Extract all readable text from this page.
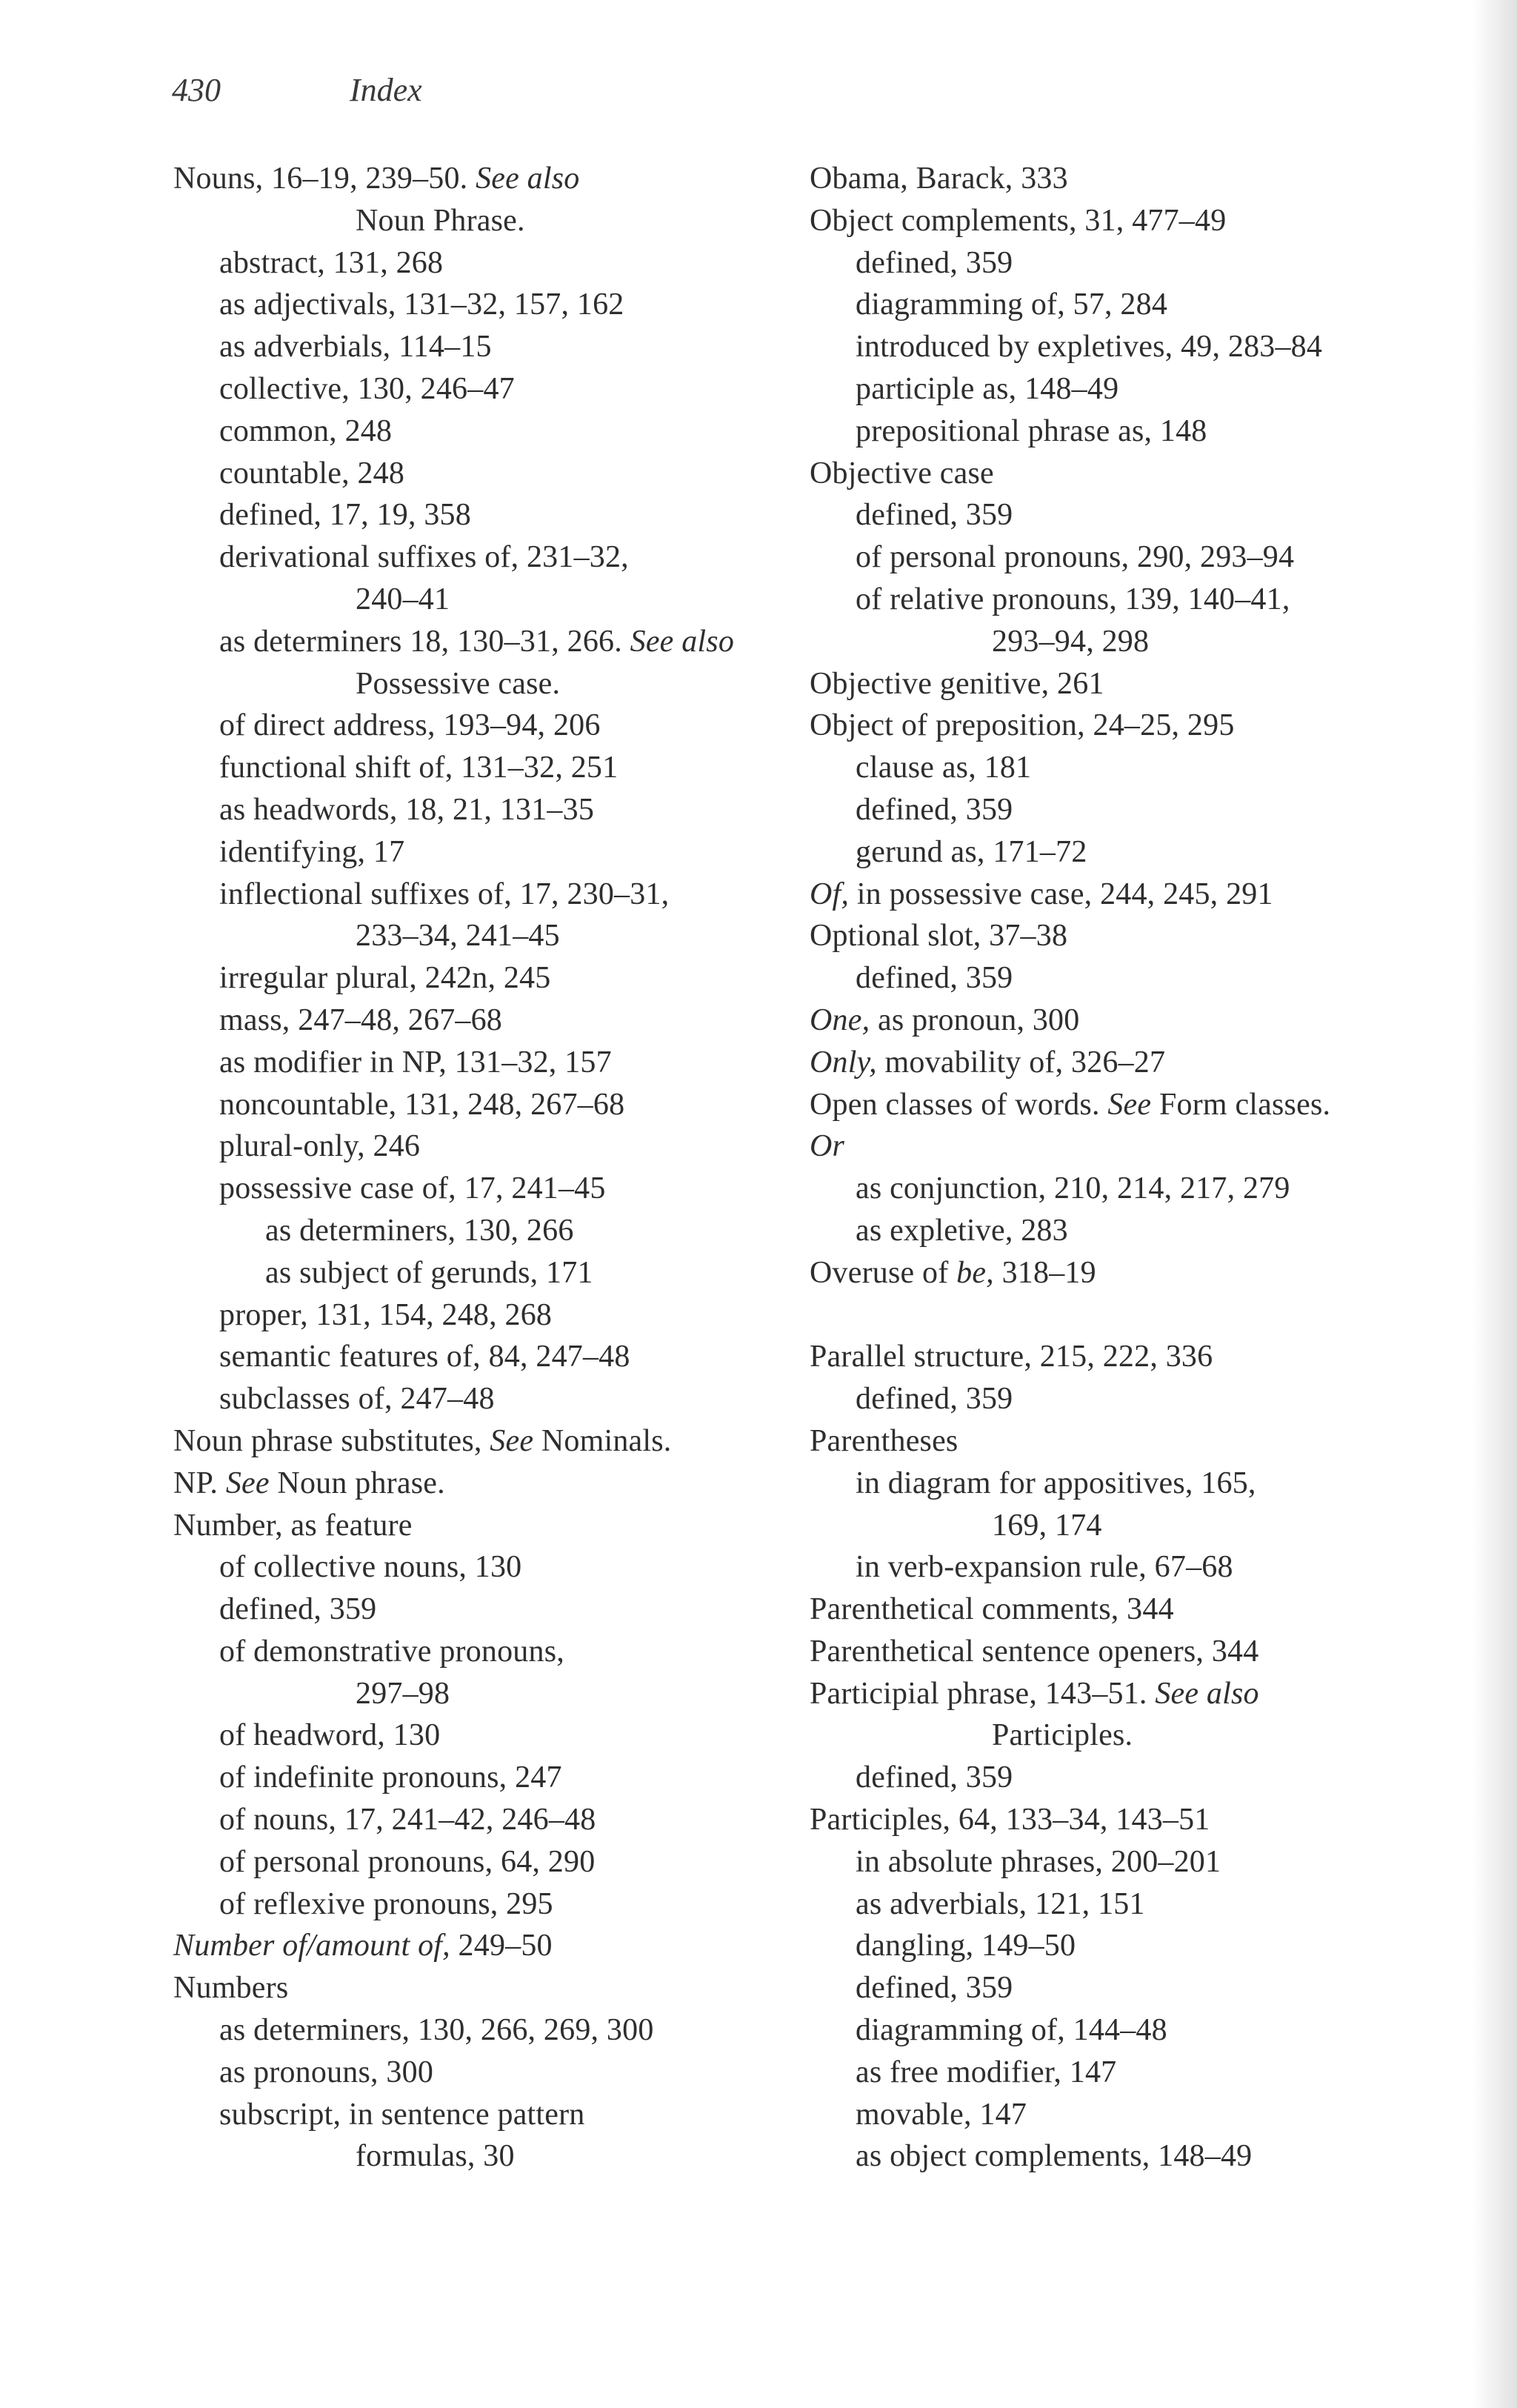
430	Index
Nouns, 16–19, 239–50. See also
Noun Phrase.
abstract, 131, 268
as adjectivals, 131–32, 157, 162
as adverbials, 114–15
collective, 130, 246–47
common, 248
countable, 248
defined, 17, 19, 358
derivational suffixes of, 231–32,
240–41
as determiners 18, 130–31, 266. See also
Possessive case.
of direct address, 193–94, 206
functional shift of, 131–32, 251
as headwords, 18, 21, 131–35
identifying, 17
inflectional suffixes of, 17, 230–31,
233–34, 241–45
irregular plural, 242n, 245
mass, 247–48, 267–68
as modifier in NP, 131–32, 157
noncountable, 131, 248, 267–68
plural-only, 246
possessive case of, 17, 241–45
as determiners, 130, 266
as subject of gerunds, 171
proper, 131, 154, 248, 268
semantic features of, 84, 247–48
subclasses of, 247–48
Noun phrase substitutes, See Nominals.
NP. See Noun phrase.
Number, as feature
of collective nouns, 130
defined, 359
of demonstrative pronouns,
297–98
of headword, 130
of indefinite pronouns, 247
of nouns, 17, 241–42, 246–48
of personal pronouns, 64, 290
of reflexive pronouns, 295
Number of/amount of, 249–50
Numbers
as determiners, 130, 266, 269, 300
as pronouns, 300
subscript, in sentence pattern
formulas, 30
Obama, Barack, 333
Object complements, 31, 477–49
defined, 359
diagramming of, 57, 284
introduced by expletives, 49, 283–84
participle as, 148–49
prepositional phrase as, 148
Objective case
defined, 359
of personal pronouns, 290, 293–94
of relative pronouns, 139, 140–41,
293–94, 298
Objective genitive, 261
Object of preposition, 24–25, 295
clause as, 181
defined, 359
gerund as, 171–72
Of, in possessive case, 244, 245, 291
Optional slot, 37–38
defined, 359
One, as pronoun, 300
Only, movability of, 326–27
Open classes of words. See Form classes.
Or
as conjunction, 210, 214, 217, 279
as expletive, 283
Overuse of be, 318–19
Parallel structure, 215, 222, 336
defined, 359
Parentheses
in diagram for appositives, 165,
169, 174
in verb-expansion rule, 67–68
Parenthetical comments, 344
Parenthetical sentence openers, 344
Participial phrase, 143–51. See also
Participles.
defined, 359
Participles, 64, 133–34, 143–51
in absolute phrases, 200–201
as adverbials, 121, 151
dangling, 149–50
defined, 359
diagramming of, 144–48
as free modifier, 147
movable, 147
as object complements, 148–49
